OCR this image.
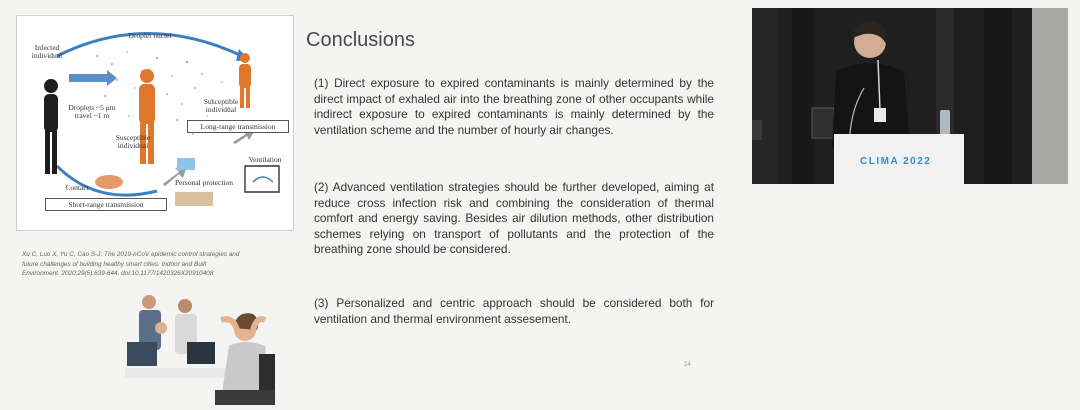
Infected individual
Droplet nuclei
Droplets ~5 μm travel ~1 m
Susceptible individual
Susceptible individual
Long-range transmission
Ventilation
Personal protection
Contact
Short-range transmission
Xu C, Luo X, Yu C, Cao S-J. The 2019-nCoV epidemic control strategies and future challenges of building healthy smart cities. Indoor and Built Environment. 2020;29(5):639-644. doi:10.1177/1420326X20910408
Conclusions
(1) Direct exposure to expired contaminants is mainly determined by the direct impact of exhaled air into the breathing zone of other occupants while indirect exposure to expired contaminants is mainly determined by the ventilation scheme and the number of hourly air changes.
(2) Advanced ventilation strategies should be further developed, aiming at reduce cross infection risk and combining the consideration of thermal comfort and energy saving. Besides air dilution methods, other distribution schemes relying on transport of pollutants and the protection of the breathing zone should be considered.
(3) Personalized and centric approach should be considered both for ventilation and thermal environment assesement.
24
CLIMA 2022
